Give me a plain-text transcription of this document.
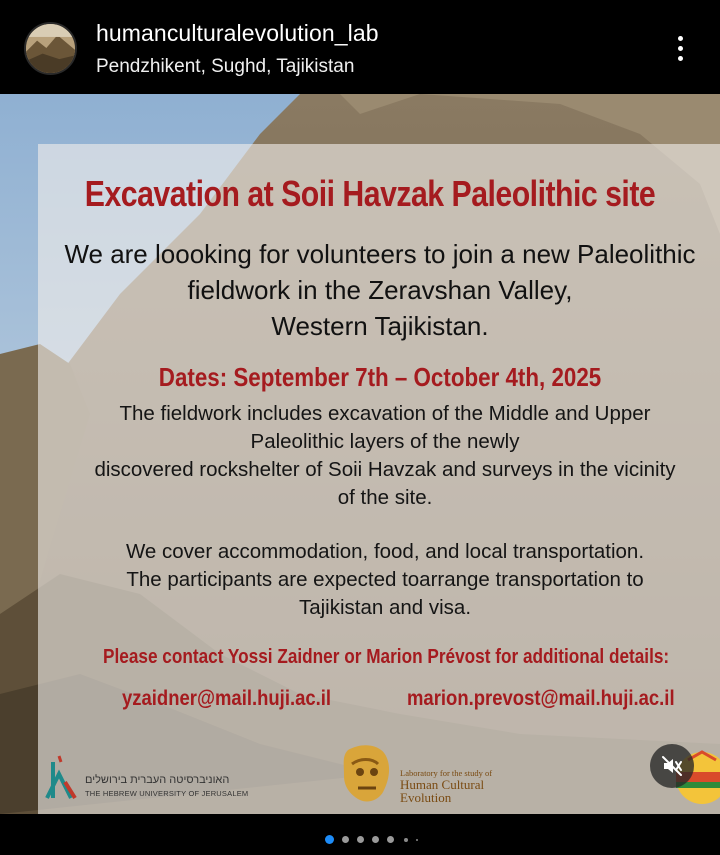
humanculturalevolution_lab
Pendzhikent, Sughd, Tajikistan
Excavation at Soii Havzak Paleolithic site
We are loooking for volunteers to join a new Paleolithic
fieldwork in the Zeravshan Valley,
Western Tajikistan.
Dates: September 7th – October 4th, 2025
The fieldwork includes excavation of the Middle and Upper
Paleolithic layers of the newly
discovered rockshelter of Soii Havzak and surveys in the vicinity
of the site.
We cover accommodation, food, and local transportation.
The participants are expected toarrange transportation to
Tajikistan and visa.
Please contact Yossi Zaidner or Marion Prévost for additional details:
yzaidner@mail.huji.ac.il	marion.prevost@mail.huji.ac.il
האוניברסיטה העברית בירושלים
THE HEBREW UNIVERSITY OF JERUSALEM
Laboratory for the study of
Human Cultural
Evolution
